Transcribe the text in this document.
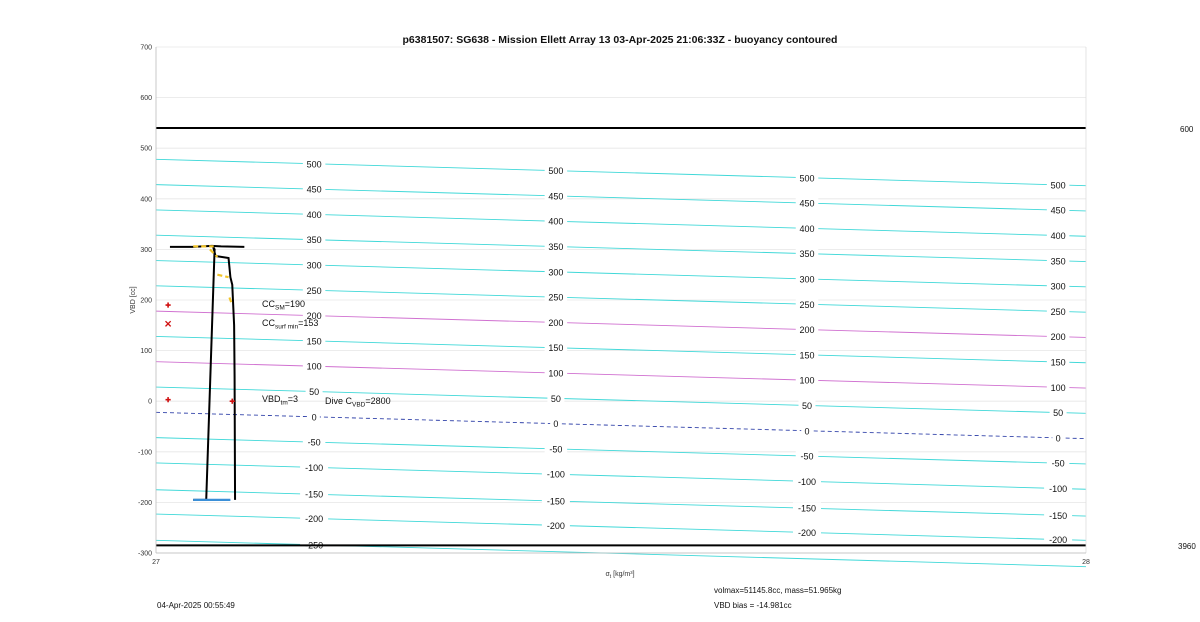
p6381507: SG638 - Mission Ellett Array 13 03-Apr-2025 21:06:33Z - buoyancy contoured
-250
-200
-200
-200
-200
-150
-150
-150
-150
-100
-100
-100
-100
-50
-50
-50
-50
0
0
0
0
50
50
50
50
100
100
100
100
150
150
150
150
200
200
200
200
250
250
250
250
300
300
300
300
350
350
350
350
400
400
400
400
450
450
450
450
500
500
500
500
700
600
500
400
300
200
100
0
-100
-200
-300
27	28
$CC_{SM}=190$
$CC_{surf min}=153$
$VBD_{tm}=3$	Dive $C_{VBD}=2800$
600
3960
VBD [cc]
$\sigma_t$ [kg/m³]
04-Apr-2025 00:55:49
volmax=51145.8cc, mass=51.965kg
VBD bias = -14.981cc
